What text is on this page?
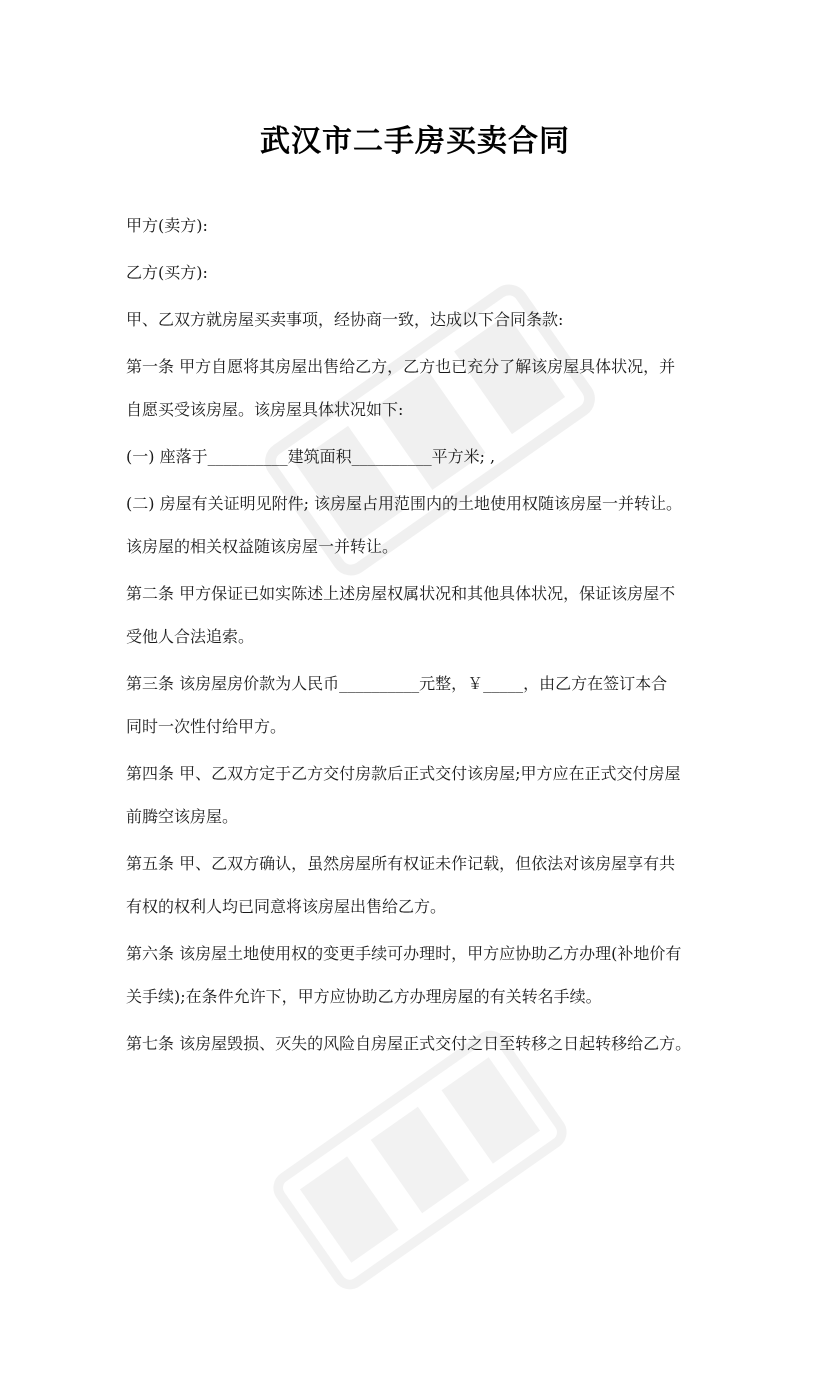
武汉市二手房买卖合同

甲方(卖方):

乙方(买方):

甲、乙双方就房屋买卖事项，经协商一致，达成以下合同条款:

第一条 甲方自愿将其房屋出售给乙方，乙方也已充分了解该房屋具体状况，并

自愿买受该房屋。该房屋具体状况如下:

(一) 座落于__________建筑面积__________平方米; ,

(二) 房屋有关证明见附件; 该房屋占用范围内的土地使用权随该房屋一并转让。

该房屋的相关权益随该房屋一并转让。

第二条 甲方保证已如实陈述上述房屋权属状况和其他具体状况，保证该房屋不

受他人合法追索。

第三条 该房屋房价款为人民币__________元整，￥_____，由乙方在签订本合

同时一次性付给甲方。

第四条 甲、乙双方定于乙方交付房款后正式交付该房屋;甲方应在正式交付房屋

前腾空该房屋。

第五条 甲、乙双方确认，虽然房屋所有权证未作记载，但依法对该房屋享有共

有权的权利人均已同意将该房屋出售给乙方。

第六条 该房屋土地使用权的变更手续可办理时，甲方应协助乙方办理(补地价有

关手续);在条件允许下，甲方应协助乙方办理房屋的有关转名手续。

第七条 该房屋毁损、灭失的风险自房屋正式交付之日至转移之日起转移给乙方。
